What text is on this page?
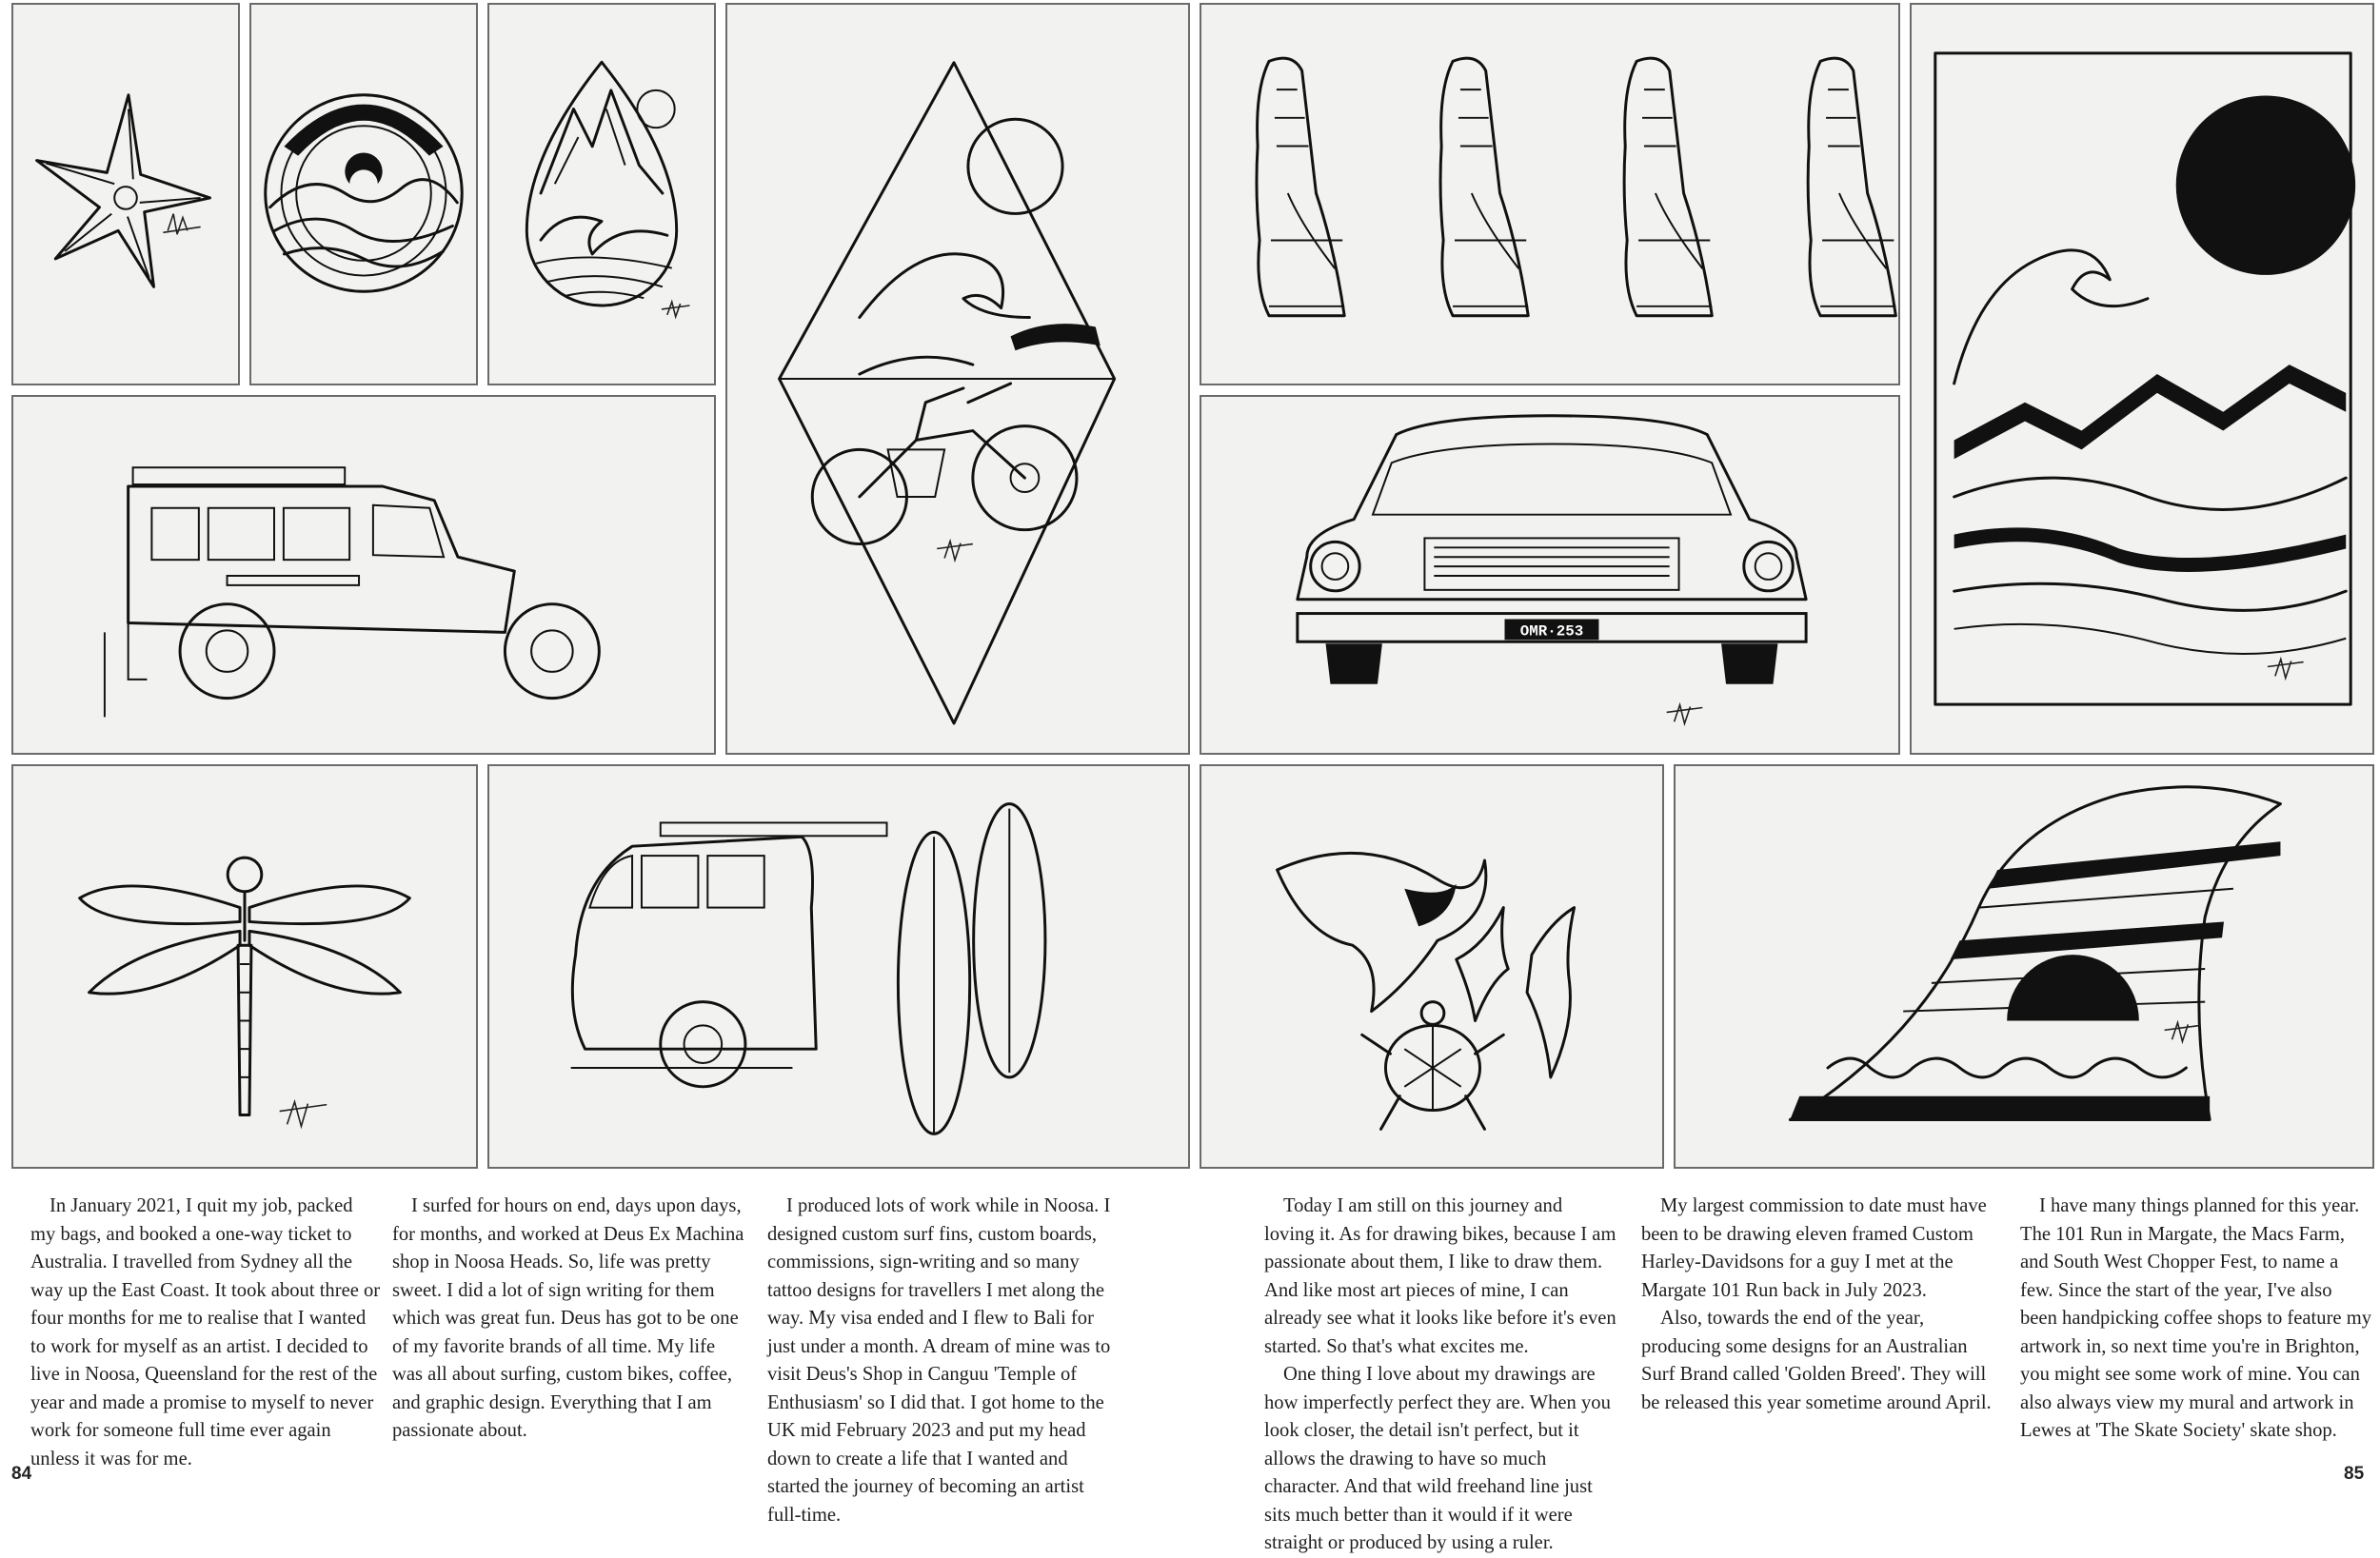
OMR·253

In January 2021, I quit my job, packed my bags, and booked a one-way ticket to Australia. I travelled from Sydney all the way up the East Coast. It took about three or four months for me to realise that I wanted to work for myself as an artist. I decided to live in Noosa, Queensland for the rest of the year and made a promise to myself to never work for someone full time ever again unless it was for me.

I surfed for hours on end, days upon days, for months, and worked at Deus Ex Machina shop in Noosa Heads. So, life was pretty sweet. I did a lot of sign writing for them which was great fun. Deus has got to be one of my favorite brands of all time. My life was all about surfing, custom bikes, coffee, and graphic design. Everything that I am passionate about.

I produced lots of work while in Noosa. I designed custom surf fins, custom boards, commissions, sign-writing and so many tattoo designs for travellers I met along the way. My visa ended and I flew to Bali for just under a month. A dream of mine was to visit Deus's Shop in Canguu 'Temple of Enthusiasm' so I did that. I got home to the UK mid February 2023 and put my head down to create a life that I wanted and started the journey of becoming an artist full-time.

Today I am still on this journey and loving it. As for drawing bikes, because I am passionate about them, I like to draw them. And like most art pieces of mine, I can already see what it looks like before it's even started. So that's what excites me.

One thing I love about my drawings are how imperfectly perfect they are. When you look closer, the detail isn't perfect, but it allows the drawing to have so much character. And that wild freehand line just sits much better than it would if it were straight or produced by using a ruler.

My largest commission to date must have been to be drawing eleven framed Custom Harley-Davidsons for a guy I met at the Margate 101 Run back in July 2023.

Also, towards the end of the year, producing some designs for an Australian Surf Brand called 'Golden Breed'. They will be released this year sometime around April.

I have many things planned for this year. The 101 Run in Margate, the Macs Farm, and South West Chopper Fest, to name a few. Since the start of the year, I've also been handpicking coffee shops to feature my artwork in, so next time you're in Brighton, you might see some work of mine. You can also always view my mural and artwork in Lewes at 'The Skate Society' skate shop.

84	85
